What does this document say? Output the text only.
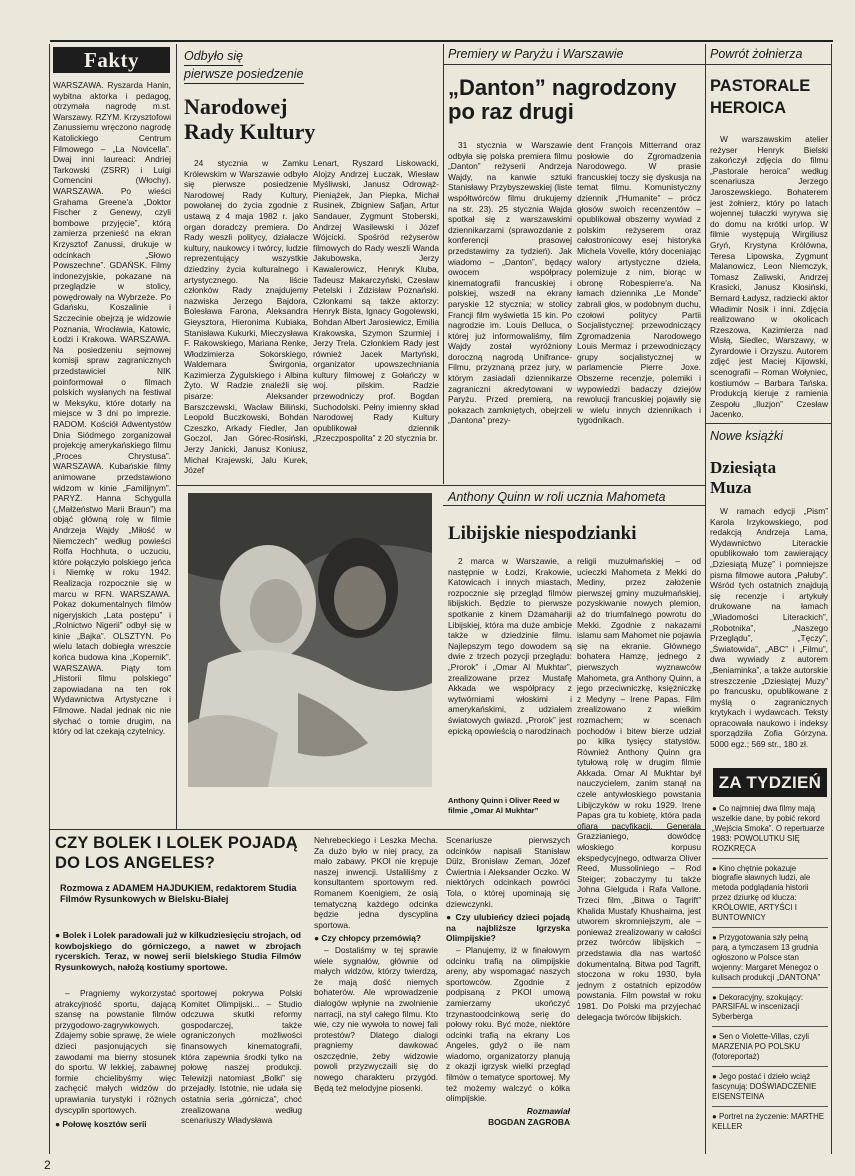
Fakty

WARSZAWA. Ryszarda Hanin, wybitna aktorka i pedagog, otrzymała nagrodę m.st. Warszawy. RZYM. Krzysztofowi Zanussiemu wręczono nagrodę Katolickiego Centrum Filmowego – „La Novicella”. Dwaj inni laureaci: Andriej Tarkowski (ZSRR) i Luigi Comencini (Włochy). WARSZAWA. Po wieści Grahama Greene'a „Doktor Fischer z Genewy, czyli bombowe przyjęcie”, którą zamierza przenieść na ekran Krzysztof Zanussi, drukuje w odcinkach „Słowo Powszechne”. GDAŃSK. Filmy indonezyjskie, pokazane na przeglądzie w stolicy, powędrowały na Wybrzeże. Po Gdańsku, Koszalinie i Szczecinie obejrzą je widzowie Poznania, Wrocławia, Katowic, Łodzi i Krakowa. WARSZAWA. Na posiedzeniu sejmowej komisji spraw zagranicznych przedstawiciel NIK poinformował o filmach polskich wysłanych na festiwal w Meksyku, które dotarły na miejsce w 3 dni po imprezie. RADOM. Kościół Adwentystów Dnia Siódmego zorganizował projekcję amerykańskiego filmu „Proces Chrystusa”. WARSZAWA. Kubańskie filmy animowane przedstawiono widzom w kinie „Familijnym”. PARYŻ. Hanna Schygulla („Małżeństwo Marii Braun”) ma objąć główną rolę w filmie Andrzeja Wajdy „Miłość w Niemczech” według powieści Rolfa Hochhuta, o uczuciu, które połączyło polskiego jeńca i Niemkę w roku 1942. Realizacja rozpocznie się w marcu w RFN. WARSZAWA. Pokaz dokumentalnych filmów nigeryjskich „Lata postępu” i „Rolnictwo Nigerii” odbył się w kinie „Bajka”. OLSZTYN. Po wielu latach dobiegła wreszcie końca budowa kina „Kopernik”. WARSZAWA. Piąty tom „Historii filmu polskiego” zapowiadana na ten rok Wydawnictwa Artystyczne i Filmowe. Nadal jednak nic nie słychać o tomie drugim, na który od lat czekają czytelnicy.

Odbyło się
pierwsze posiedzenie
Narodowej Rady Kultury

24 stycznia w Zamku Królewskim w Warszawie odbyło się pierwsze posiedzenie Narodowej Rady Kultury, powołanej do życia zgodnie z ustawą z 4 maja 1982 r. jako organ doradczy premiera. Do Rady weszli politycy, działacze kultury, naukowcy i twórcy, ludzie reprezentujący wszystkie dziedziny życia kulturalnego i artystycznego. Na liście członków Rady znajdujemy nazwiska Jerzego Bajdora, Bolesława Farona, Aleksandra Gieysztora, Hieronima Kubiaka, Stanisława Kukurki, Mieczysława F. Rakowskiego, Mariana Renke, Włodzimierza Sokorskiego, Waldemara Świrgonia, Kazimierza Żygulskiego i Albina Żyto. W Radzie znaleźli się pisarze: Aleksander Barszczewski, Wacław Biliński, Leopold Buczkowski, Bohdan Czeszko, Arkady Fiedler, Jan Goczol, Jan Górec-Rosiński, Jerzy Janicki, Janusz Koniusz, Michał Krajewski, Jalu Kurek, Józef

Lenart, Ryszard Liskowacki, Alojzy Andrzej Łuczak, Wiesław Myśliwski, Janusz Odrowąż-Pieniążek, Jan Piepka, Michał Rusinek, Zbigniew Safjan, Artur Sandauer, Zygmunt Stoberski, Andrzej Wasilewski i Józef Wójcicki. Spośród reżyserów filmowych do Rady weszli Wanda Jakubowska, Jerzy Kawalerowicz, Henryk Kluba, Tadeusz Makarczyński, Czesław Petelski i Zdzisław Poznański. Członkami są także aktorzy: Henryk Bista, Ignacy Gogolewski, Bohdan Albert Jarosiewicz, Emilia Krakowska, Szymon Szurmiej i Jerzy Trela. Członkiem Rady jest również Jacek Martyński, organizator upowszechniania kultury filmowej z Gołańczy w woj. pilskim. Radzie przewodniczy prof. Bogdan Suchodolski. Pełny imienny skład Narodowej Rady Kultury opublikował dziennik „Rzeczpospolita” z 20 stycznia br.

Premiery w Paryżu i Warszawie
„Danton” nagrodzony po raz drugi

31 stycznia w Warszawie odbyła się polska premiera filmu „Danton” reżyserii Andrzeja Wajdy, na kanwie sztuki Stanisławy Przybyszewskiej (liste współtwórców filmu drukujemy na str. 23). 25 stycznia Wajda spotkał się z warszawskimi dziennikarzami (sprawozdanie z konferencji prasowej przedstawimy za tydzień). Jak wiadomo – „Danton”, będący owocem współpracy kinematografii francuskiej i polskiej, wszedł na ekrany paryskie 12 stycznia; w stolicy Francji film wyświetla 15 kin. Po nagrodzie im. Louis Delluca, o której już informowaliśmy, film Wajdy został wyróżniony doroczną nagrodą Unifrance-Filmu, przyznaną przez jury, w którym zasiadali dziennikarze zagraniczni akredytowani w Paryżu. Przed premierą, na pokazach zamkniętych, obejrzeli „Dantona” prezy-

dent François Mitterrand oraz posłowie do Zgromadzenia Narodowego. W prasie francuskiej toczy się dyskusja na temat filmu. Komunistyczny dziennik „l'Humanite” – prócz głosów swoich recenzentów – opublikował obszerny wywiad z polskim reżyserem oraz całostronicowy esej historyka Michela Vovelle, który doceniając walory artystyczne dzieła, polemizuje z nim, biorąc w obronę Robespierre'a. Na łamach dziennika „Le Monde” zabrali głos, w podobnym duchu, czołowi politycy Partii Socjalistycznej: przewodniczący Zgromadzenia Narodowego Louis Mermaz i przewodniczący grupy socjalistycznej w parlamencie Pierre Joxe. Obszerne recenzje, polemiki i wypowiedzi badaczy dziejów rewolucji francuskiej pojawiły się w wielu innych dziennikach i tygodnikach.

Powrót żołnierza
PASTORALE HEROICA

W warszawskim atelier reżyser Henryk Bielski zakończył zdjęcia do filmu „Pastorale heroica” według scenariusza Jerzego Jaroszewskiego. Bohaterem jest żołnierz, który po latach wojennej tułaczki wyrywa się do domu na krótki urlop. W filmie występują Wirgiliusz Gryń, Krystyna Królówna, Teresa Lipowska, Zygmunt Malanowicz, Leon Niemczyk, Tomasz Zaliwski, Andrzej Krasicki, Janusz Kłosiński, Bernard Ładysz, radziecki aktor Władimir Nosik i inni. Zdjęcia realizowano w okolicach Rzeszowa, Kazimierza nad Wisłą, Siedlec, Warszawy, w Żyrardowie i Orzyszu. Autorem zdjęć jest Maciej Kijowski, scenografii – Roman Wołyniec, kostiumów – Barbara Tańska. Produkcją kieruje z ramienia Zespołu „Iluzjon” Czesław Jacenko.

Nowe książki
Dziesiąta Muza

W ramach edycji „Pism” Karola Irzykowskiego, pod redakcją Andrzeja Lama, Wydawnictwo Literackie opublikowało tom zawierający „Dziesiątą Muzę” i pomniejsze pisma filmowe autora „Pałuby”. Wśród tych ostatnich znajdują się recenzje i artykuły drukowane na łamach „Wiadomości Literackich”, „Robotnika”, „Naszego Przeglądu”, „Tęczy”, „Światowida”, „ABC” i „Filmu”, dwa wywiady z autorem „Beniaminka”, a także autorskie streszczenie „Dziesiątej Muzy” po francusku, opublikowane z myślą o zagranicznych krytykach i wydawcach. Teksty opracowała naukowo i indeksy sporządziła Zofia Górzyna. 5000 egz.; 569 str., 180 zł.

Anthony Quinn w roli ucznia Mahometa
Libijskie niespodzianki

2 marca w Warszawie, a następnie w Łodzi, Krakowie, Katowicach i innych miastach, rozpocznie się przegląd filmów libijskich. Będzie to pierwsze spotkanie z kinem Dżamahariji Libijskiej, która ma duże ambicje także w dziedzinie filmu. Najlepszym tego dowodem są dwie z trzech pozycji przeglądu: „Prorok” i „Omar Al Mukhtar”, zrealizowane przez Mustafę Akkada we współpracy z wytwórniami włoskimi i amerykańskimi, z udziałem światowych gwiazd. „Prorok” jest epicką opowieścią o narodzinach

Anthony Quinn i Oliver Reed w filmie „Omar Al Mukhtar”

religii muzułmańskiej – od ucieczki Mahometa z Mekki do Mediny, przez założenie pierwszej gminy muzułmańskiej, pozyskiwanie nowych plemion, aż do triumfalnego powrotu do Mekki. Zgodnie z nakazami islamu sam Mahomet nie pojawia się na ekranie. Głównego bohatera Hamzę, jednego z pierwszych wyznawców Mahometa, gra Anthony Quinn, a jego przeciwniczkę, księżniczkę z Medyny – Irene Papas. Film zrealizowano z wielkim rozmachem; w scenach pochodów i bitew bierze udział po kilka tysięcy statystów. Również Anthony Quinn gra tytułową rolę w drugim filmie Akkada. Omar Al Mukhtar był nauczycielem, zanim stanął na czele antywłoskiego powstania Libijczyków w roku 1929. Irene Papas gra tu kobietę, która pada ofiarą pacyfikacji. Generała Grazzianiego, dowódcę włoskiego korpusu ekspedycyjnego, odtwarza Oliver Reed, Mussoliniego – Rod Steiger; zobaczymy tu także Johna Gielguda i Rafa Vallone. Trzeci film, „Bitwa o Tagrift” Khalida Mustafy Khushaima, jest utworem skromniejszym, ale – ponieważ zrealizowany w całości przez twórców libijskich – przedstawia dla nas wartość dokumentalną. Bitwa pod Tagrift, stoczona w roku 1930, była jednym z ostatnich epizodów powstania. Film powstał w roku 1981. Do Polski ma przyjechać delegacja twórców libijskich.

CZY BOLEK I LOLEK POJADĄ DO LOS ANGELES?
Rozmowa z ADAMEM HAJDUKIEM, redaktorem Studia Filmów Rysunkowych w Bielsku-Białej
● Bolek i Lolek paradowali już w kilkudziesięciu strojach, od kowbojskiego do górniczego, a nawet w zbrojach rycerskich. Teraz, w nowej serii bielskiego Studia Filmów Rysunkowych, nałożą kostiumy sportowe.

– Pragniemy wykorzystać atrakcyjność sportu, dającą szansę na powstanie filmów przygodowo-zagrywkowych. Zdajemy sobie sprawę, że wiele dzieci pasjonujących się zawodami ma bierny stosunek do sportu. W lekkiej, zabawnej formie chcielibyśmy więc zachęcić małych widzów do uprawiania turystyki i różnych dyscyplin sportowych.

● Połowę kosztów serii

sportowej pokrywa Polski Komitet Olimpijski... – Studio odczuwa skutki reformy gospodarczej, także ograniczonych możliwości finansowych kinematografii, która zapewnia środki tylko na połowę naszej produkcji. Telewizji natomiast „Bolki” się przejadły. Istotnie, nie udała się ostatnia seria „górnicza”, choć zrealizowana według scenariuszy Władysława

Nehrebeckiego i Leszka Mecha. Za dużo było w niej pracy, za mało zabawy. PKOl nie krępuje naszej inwencji. Ustaliliśmy z konsultantem sportowym red. Romanem Koenigiem, że osią tematyczną każdego odcinka będzie jedna dyscyplina sportowa.

● Czy chłopcy przemówią?

– Dostaliśmy w tej sprawie wiele sygnałów, głównie od małych widzów, którzy twierdzą, że mają dość niemych bohaterów. Ale wprowadzenie dialogów wpłynie na zwolnienie narracji, na styl całego filmu. Kto wie, czy nie wywoła to nowej fali protestów? Dlatego dialogi pragniemy dawkować oszczędnie, żeby widzowie powoli przyzwyczaili się do nowego charakteru przygód. Będą też melodyjne piosenki.

Scenariusze pierwszych odcinków napisali Stanisław Dülz, Bronisław Zeman, Józef Ćwiertnia i Aleksander Oczko. W niektórych odcinkach powróci Tola, o której upominają się dziewczynki.

● Czy ulubieńcy dzieci pojadą na najbliższe Igrzyska Olimpijskie?

– Planujemy, iż w finałowym odcinku trafią na olimpijskie areny, aby wspomagać naszych sportowców. Zgodnie z podpisaną z PKOl umową zamierzamy ukończyć trzynastoodcinkową serię do połowy roku. Być może, niektóre odcinki trafią na ekrany Los Angeles, gdyż o ile nam wiadomo, organizatorzy planują z okazji igrzysk wielki przegląd filmów o tematyce sportowej. My też możemy walczyć o kółka olimpijskie.

Rozmawiał

BOGDAN ZAGROBA

ZA TYDZIEŃ
● Co najmniej dwa filmy mają wszelkie dane, by pobić rekord „Wejścia Smoka”. O repertuarze 1983: POWOLUTKU SIĘ ROZKRĘCA
● Kino chętnie pokazuje biografie sławnych ludzi, ale metoda podglądania historii przez dziurkę od klucza: KRÓLOWIE, ARTYŚCI I BUNTOWNICY
● Przygotowania szły pełną parą, a tymczasem 13 grudnia ogłoszono w Polsce stan wojenny: Margaret Menegoz o kulisach produkcji „DANTONA”
● Dekoracyjny, szokujący: PARSIFAL w inscenizacji Syberberga
● Sen o Violette-Villas, czyli MARZENIA PO POLSKU (fotoreportaż)
● Jego postać i dzieło wciąż fascynują: DOŚWIADCZENIE EISENSTEINA
● Portret na życzenie: MARTHE KELLER
2
